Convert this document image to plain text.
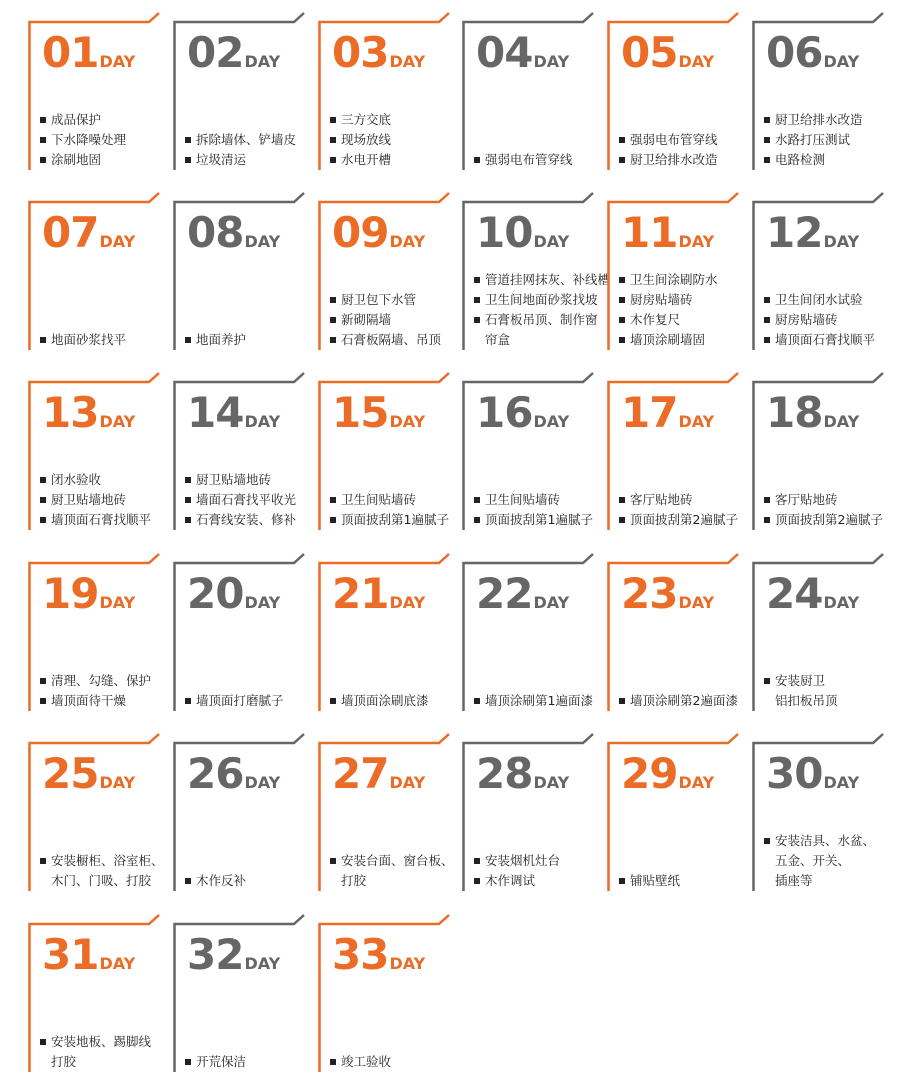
01DAY
成品保护
下水降噪处理
涂刷地固
02DAY
拆除墙体、铲墙皮
垃圾清运
03DAY
三方交底
现场放线
水电开槽
04DAY
强弱电布管穿线
05DAY
强弱电布管穿线
厨卫给排水改造
06DAY
厨卫给排水改造
水路打压测试
电路检测
07DAY
地面砂浆找平
08DAY
地面养护
09DAY
厨卫包下水管
新砌隔墙
石膏板隔墙、吊顶
10DAY
管道挂网抹灰、补线槽
卫生间地面砂浆找坡
石膏板吊顶、制作窗
帘盒
11DAY
卫生间涂刷防水
厨房贴墙砖
木作复尺
墙顶涂刷墙固
12DAY
卫生间闭水试验
厨房贴墙砖
墙顶面石膏找顺平
13DAY
闭水验收
厨卫贴墙地砖
墙顶面石膏找顺平
14DAY
厨卫贴墙地砖
墙面石膏找平收光
石膏线安装、修补
15DAY
卫生间贴墙砖
顶面披刮第1遍腻子
16DAY
卫生间贴墙砖
顶面披刮第1遍腻子
17DAY
客厅贴地砖
顶面披刮第2遍腻子
18DAY
客厅贴地砖
顶面披刮第2遍腻子
19DAY
清理、勾缝、保护
墙顶面待干燥
20DAY
墙顶面打磨腻子
21DAY
墙顶面涂刷底漆
22DAY
墙顶涂刷第1遍面漆
23DAY
墙顶涂刷第2遍面漆
24DAY
安装厨卫
铝扣板吊顶
25DAY
安装橱柜、浴室柜、
木门、门吸、打胶
26DAY
木作反补
27DAY
安装台面、窗台板、
打胶
28DAY
安装烟机灶台
木作调试
29DAY
铺贴壁纸
30DAY
安装洁具、水盆、
五金、开关、
插座等
31DAY
安装地板、踢脚线
打胶
32DAY
开荒保洁
33DAY
竣工验收
